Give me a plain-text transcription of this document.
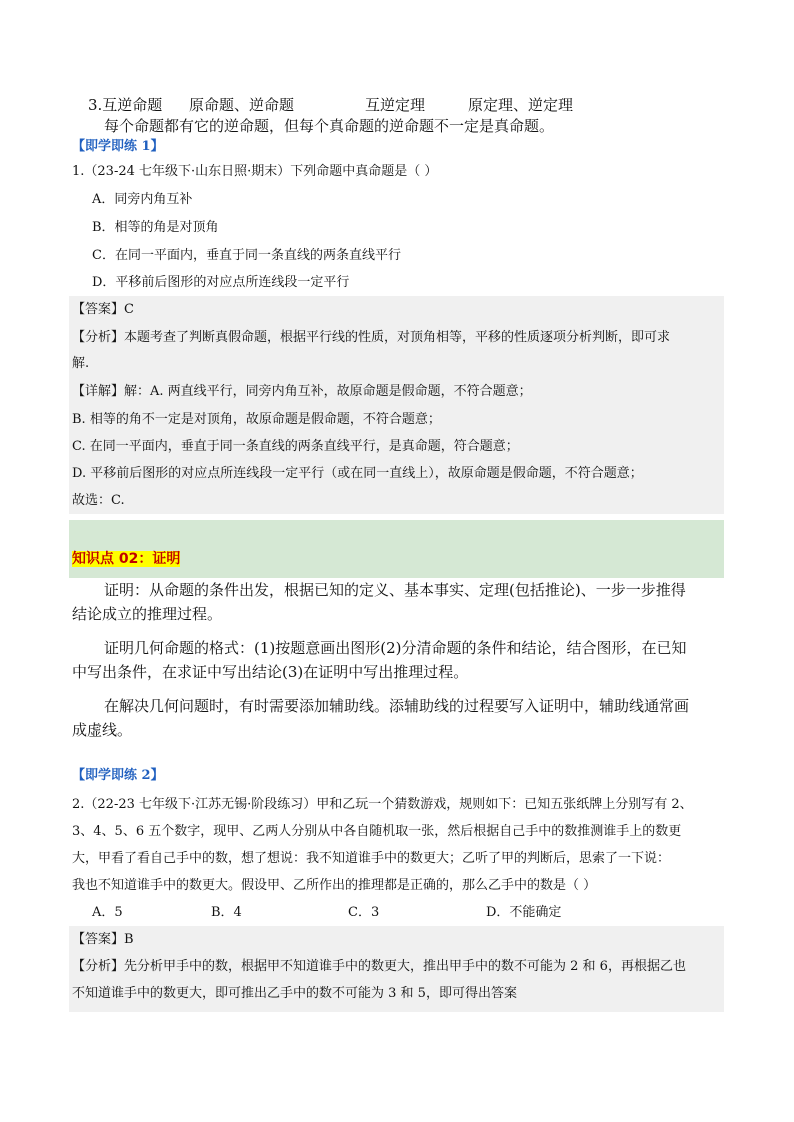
3.互逆命题 原命题、逆命题	互逆定理	原定理、逆定理
每个命题都有它的逆命题，但每个真命题的逆命题不一定是真命题。
【即学即练 1】
1.（23-24 七年级下·山东日照·期末）下列命题中真命题是（ ）
A．同旁内角互补
B．相等的角是对顶角
C．在同一平面内，垂直于同一条直线的两条直线平行
D．平移前后图形的对应点所连线段一定平行
【答案】C
【分析】本题考查了判断真假命题，根据平行线的性质，对顶角相等，平移的性质逐项分析判断，即可求
解.
【详解】解：A. 两直线平行，同旁内角互补，故原命题是假命题，不符合题意；
B. 相等的角不一定是对顶角，故原命题是假命题，不符合题意；
C. 在同一平面内，垂直于同一条直线的两条直线平行，是真命题，符合题意；
D. 平移前后图形的对应点所连线段一定平行（或在同一直线上），故原命题是假命题，不符合题意；
故选：C.
知识点 02：证明
证明：从命题的条件出发，根据已知的定义、基本事实、定理(包括推论)、一步一步推得
结论成立的推理过程。
证明几何命题的格式：(1)按题意画出图形(2)分清命题的条件和结论，结合图形，在已知
中写出条件，在求证中写出结论(3)在证明中写出推理过程。
在解决几何问题时，有时需要添加辅助线。添辅助线的过程要写入证明中，辅助线通常画
成虚线。
【即学即练 2】
2.（22-23 七年级下·江苏无锡·阶段练习）甲和乙玩一个猜数游戏，规则如下：已知五张纸牌上分别写有 2、
3、4、5、6 五个数字，现甲、乙两人分别从中各自随机取一张，然后根据自己手中的数推测谁手上的数更
大，甲看了看自己手中的数，想了想说：我不知道谁手中的数更大；乙听了甲的判断后，思索了一下说：
我也不知道谁手中的数更大。假设甲、乙所作出的推理都是正确的，那么乙手中的数是（ ）
A．5	B．4	C．3	D．不能确定
【答案】B
【分析】先分析甲手中的数，根据甲不知道谁手中的数更大，推出甲手中的数不可能为 2 和 6，再根据乙也
不知道谁手中的数更大，即可推出乙手中的数不可能为 3 和 5，即可得出答案
